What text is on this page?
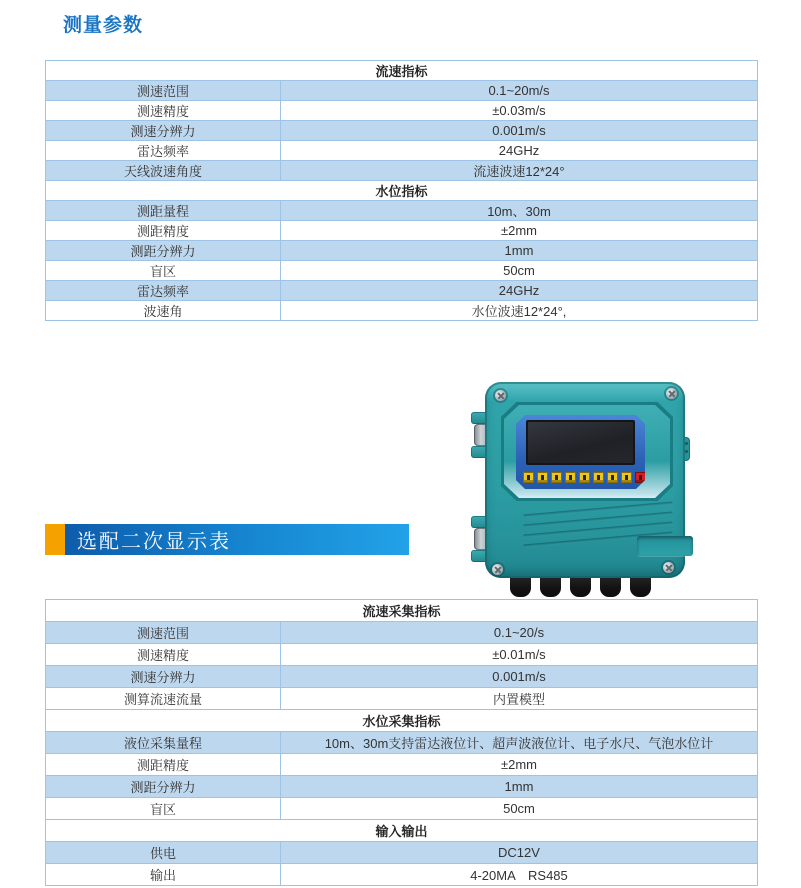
测量参数
流速指标	
测速范围	0.1~20m/s
测速精度	±0.03m/s
测速分辨力	0.001m/s
雷达频率	24GHz
天线波速角度	流速波速12*24°
水位指标	
测距量程	10m、30m
测距精度	±2mm
测距分辨力	1mm
盲区	50cm
雷达频率	24GHz
波速角	水位波速12*24°,
选配二次显示表
流速采集指标	
测速范围	0.1~20/s
测速精度	±0.01m/s
测速分辨力	0.001m/s
测算流速流量	内置模型
水位采集指标	
液位采集量程	10m、30m支持雷达液位计、超声波液位计、电子水尺、气泡水位计
测距精度	±2mm
测距分辨力	1mm
盲区	50cm
输入输出	
供电	DC12V
输出	4-20MA　RS485
